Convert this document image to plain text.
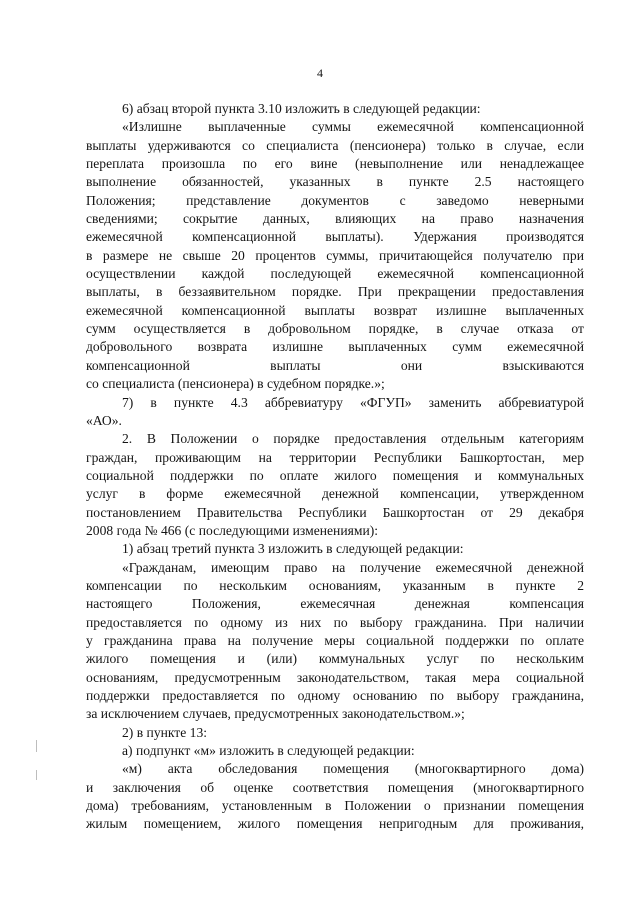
4
6) абзац второй пункта 3.10 изложить в следующей редакции:
«Излишне выплаченные суммы ежемесячной компенсационной
выплаты удерживаются со специалиста (пенсионера) только в случае, если
переплата произошла по его вине (невыполнение или ненадлежащее
выполнение обязанностей, указанных в пункте 2.5 настоящего
Положения; представление документов с заведомо неверными
сведениями; сокрытие данных, влияющих на право назначения
ежемесячной компенсационной выплаты). Удержания производятся
в размере не свыше 20 процентов суммы, причитающейся получателю при
осуществлении каждой последующей ежемесячной компенсационной
выплаты, в беззаявительном порядке. При прекращении предоставления
ежемесячной компенсационной выплаты возврат излишне выплаченных
сумм осуществляется в добровольном порядке, в случае отказа от
добровольного возврата излишне выплаченных сумм ежемесячной
компенсационной выплаты они взыскиваются
со специалиста (пенсионера) в судебном порядке.»;
7) в пункте 4.3 аббревиатуру «ФГУП» заменить аббревиатурой
«АО».
2. В Положении о порядке предоставления отдельным категориям
граждан, проживающим на территории Республики Башкортостан, мер
социальной поддержки по оплате жилого помещения и коммунальных
услуг в форме ежемесячной денежной компенсации, утвержденном
постановлением Правительства Республики Башкортостан от 29 декабря
2008 года № 466 (с последующими изменениями):
1) абзац третий пункта 3 изложить в следующей редакции:
«Гражданам, имеющим право на получение ежемесячной денежной
компенсации по нескольким основаниям, указанным в пункте 2
настоящего Положения, ежемесячная денежная компенсация
предоставляется по одному из них по выбору гражданина. При наличии
у гражданина права на получение меры социальной поддержки по оплате
жилого помещения и (или) коммунальных услуг по нескольким
основаниям, предусмотренным законодательством, такая мера социальной
поддержки предоставляется по одному основанию по выбору гражданина,
за исключением случаев, предусмотренных законодательством.»;
2) в пункте 13:
а) подпункт «м» изложить в следующей редакции:
«м) акта обследования помещения (многоквартирного дома)
и заключения об оценке соответствия помещения (многоквартирного
дома) требованиям, установленным в Положении о признании помещения
жилым помещением, жилого помещения непригодным для проживания,
